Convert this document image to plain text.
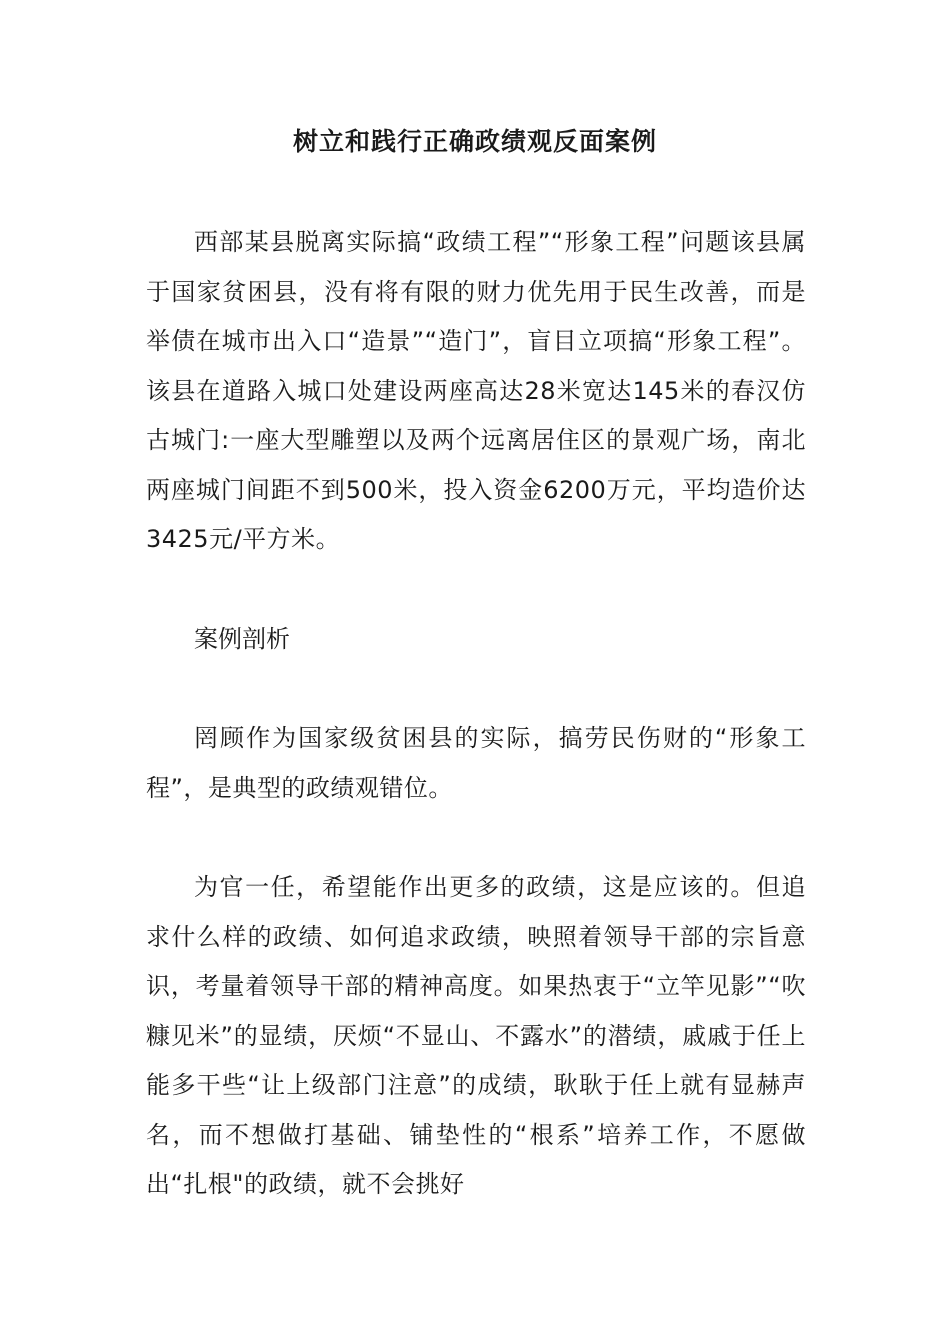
树立和践行正确政绩观反面案例

西部某县脱离实际搞“政绩工程”“形象工程”问题该县属于国家贫困县，没有将有限的财力优先用于民生改善，而是举债在城市出入口“造景”“造门”，盲目立项搞“形象工程”。该县在道路入城口处建设两座高达28米宽达145米的春汉仿古城门:一座大型雕塑以及两个远离居住区的景观广场，南北两座城门间距不到500米，投入资金6200万元，平均造价达3425元/平方米。

案例剖析

罔顾作为国家级贫困县的实际，搞劳民伤财的“形象工程”，是典型的政绩观错位。

为官一任，希望能作出更多的政绩，这是应该的。但追求什么样的政绩、如何追求政绩，映照着领导干部的宗旨意识，考量着领导干部的精神高度。如果热衷于“立竿见影”“吹糠见米”的显绩，厌烦“不显山、不露水”的潜绩，戚戚于任上能多干些“让上级部门注意”的成绩，耿耿于任上就有显赫声名，而不想做打基础、铺垫性的“根系”培养工作，不愿做出“扎根"的政绩，就不会挑好
